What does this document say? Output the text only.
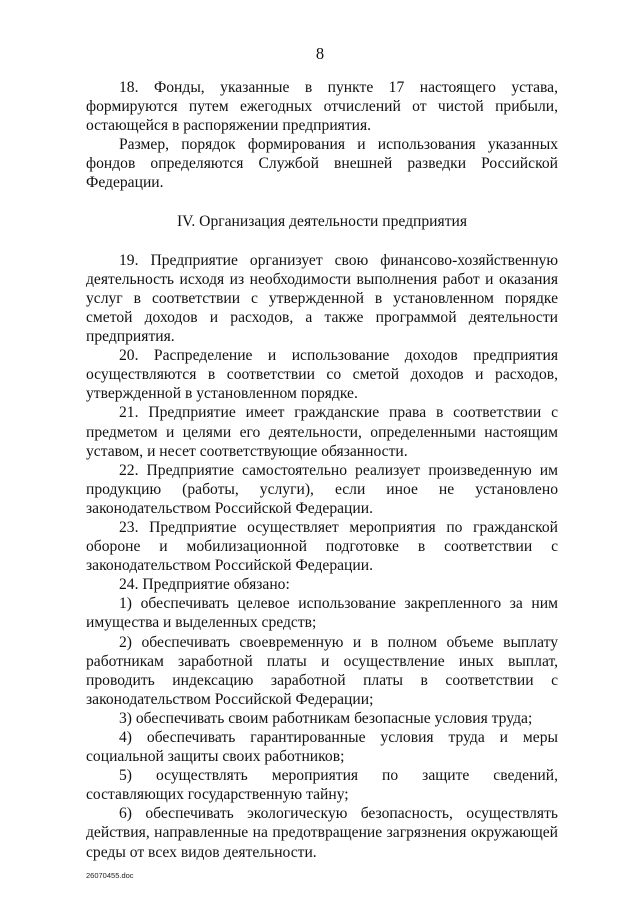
8

18. Фонды, указанные в пункте 17 настоящего устава, формируются путем ежегодных отчислений от чистой прибыли, остающейся в распоряжении предприятия.

Размер, порядок формирования и использования указанных фондов определяются Службой внешней разведки Российской Федерации.

IV. Организация деятельности предприятия

19. Предприятие организует свою финансово-хозяйственную деятельность исходя из необходимости выполнения работ и оказания услуг в соответствии с утвержденной в установленном порядке сметой доходов и расходов, а также программой деятельности предприятия.

20. Распределение и использование доходов предприятия осуществляются в соответствии со сметой доходов и расходов, утвержденной в установленном порядке.

21. Предприятие имеет гражданские права в соответствии с предметом и целями его деятельности, определенными настоящим уставом, и несет соответствующие обязанности.

22. Предприятие самостоятельно реализует произведенную им продукцию (работы, услуги), если иное не установлено законодательством Российской Федерации.

23. Предприятие осуществляет мероприятия по гражданской обороне и мобилизационной подготовке в соответствии с законодательством Российской Федерации.

24. Предприятие обязано:

1) обеспечивать целевое использование закрепленного за ним имущества и выделенных средств;

2) обеспечивать своевременную и в полном объеме выплату работникам заработной платы и осуществление иных выплат, проводить индексацию заработной платы в соответствии с законодательством Российской Федерации;

3) обеспечивать своим работникам безопасные условия труда;

4) обеспечивать гарантированные условия труда и меры социальной защиты своих работников;

5) осуществлять мероприятия по защите сведений, составляющих государственную тайну;

6) обеспечивать экологическую безопасность, осуществлять действия, направленные на предотвращение загрязнения окружающей среды от всех видов деятельности.

26070455.doc
